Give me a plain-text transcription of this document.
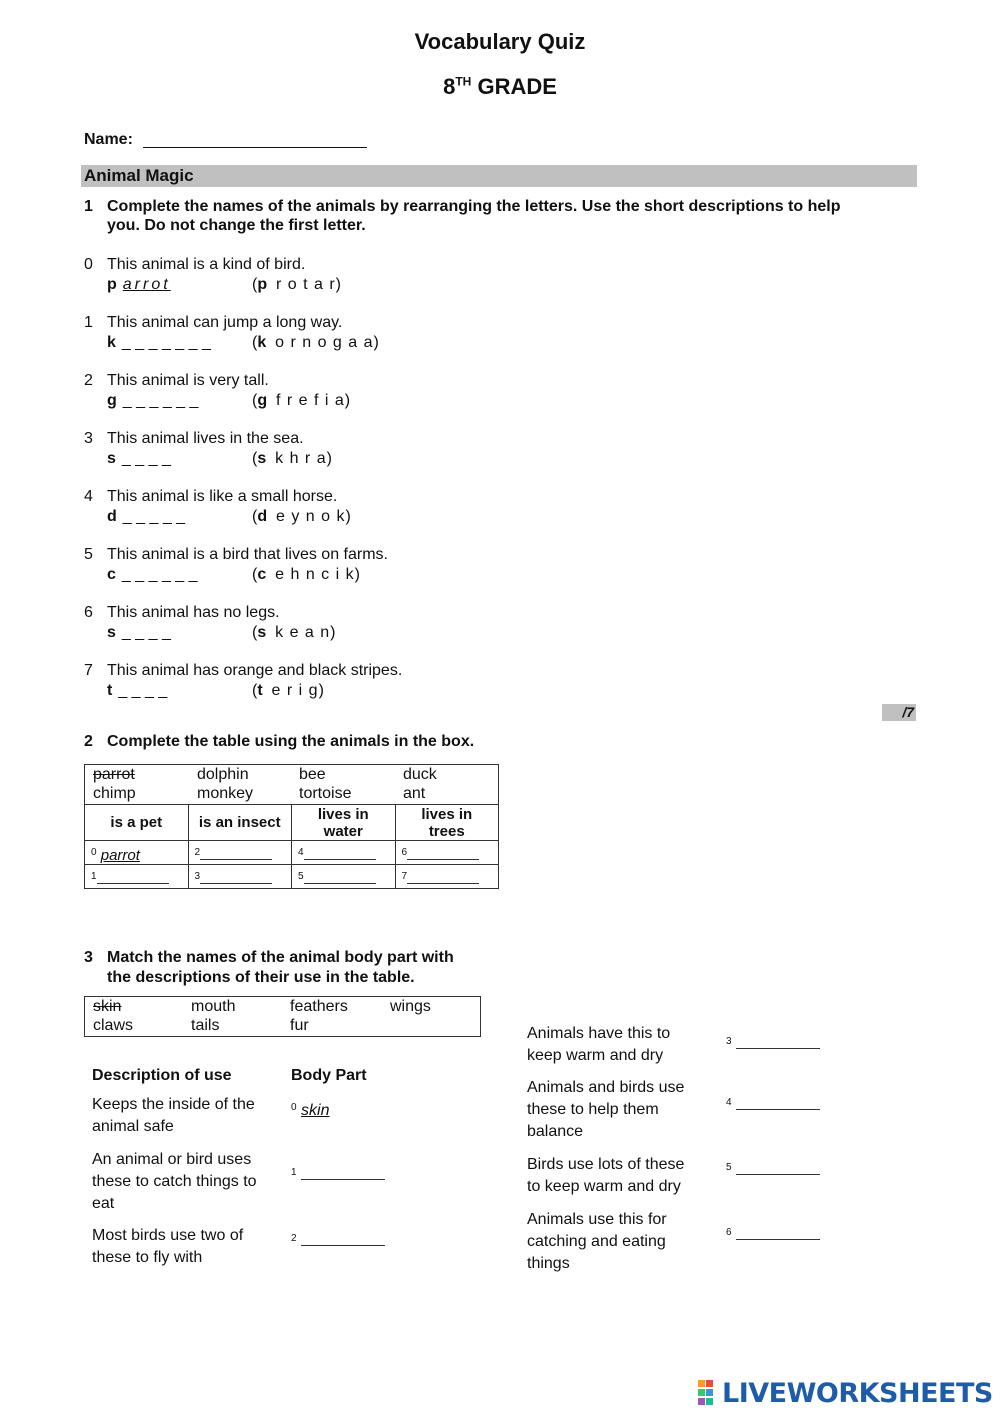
Vocabulary Quiz
8TH GRADE
Name:
Animal Magic
1 Complete the names of the animals by rearranging the letters. Use the short descriptions to help
you. Do not change the first letter.
0 This animal is a kind of bird.
p arrot	(p r o t a r)
1 This animal can jump a long way.
k _ _ _ _ _ _ _	(k o r n o g a a)
2 This animal is very tall.
g _ _ _ _ _ _	(g f r e f i a)
3 This animal lives in the sea.
s _ _ _ _	(s k h r a)
4 This animal is like a small horse.
d _ _ _ _ _	(d e y n o k)
5 This animal is a bird that lives on farms.
c _ _ _ _ _ _	(c e h n c i k)
6 This animal has no legs.
s _ _ _ _	(s k e a n)
7 This animal has orange and black stripes.
t _ _ _ _	(t e r i g)
/7
2 Complete the table using the animals in the box.
parrot	dolphin	bee	duck
chimp	monkey	tortoise	ant
is a pet	is an insect	lives in water	lives in trees
$^0$ parrot	$^2$	$^4$	$^6$
$^1$	$^3$	$^5$	$^7$
3 Match the names of the animal body part with
the descriptions of their use in the table.
skin	mouth	feathers	wings
claws	tails	fur
Description of use	Body Part
Keeps the inside of the animal safe
$^0$ skin
An animal or bird uses these to catch things to eat
$^1$
Most birds use two of these to fly with
$^2$
Animals have this to keep warm and dry
$^3$
Animals and birds use these to help them balance
$^4$
Birds use lots of these to keep warm and dry
$^5$
Animals use this for catching and eating things
$^6$
LIVEWORKSHEETS
